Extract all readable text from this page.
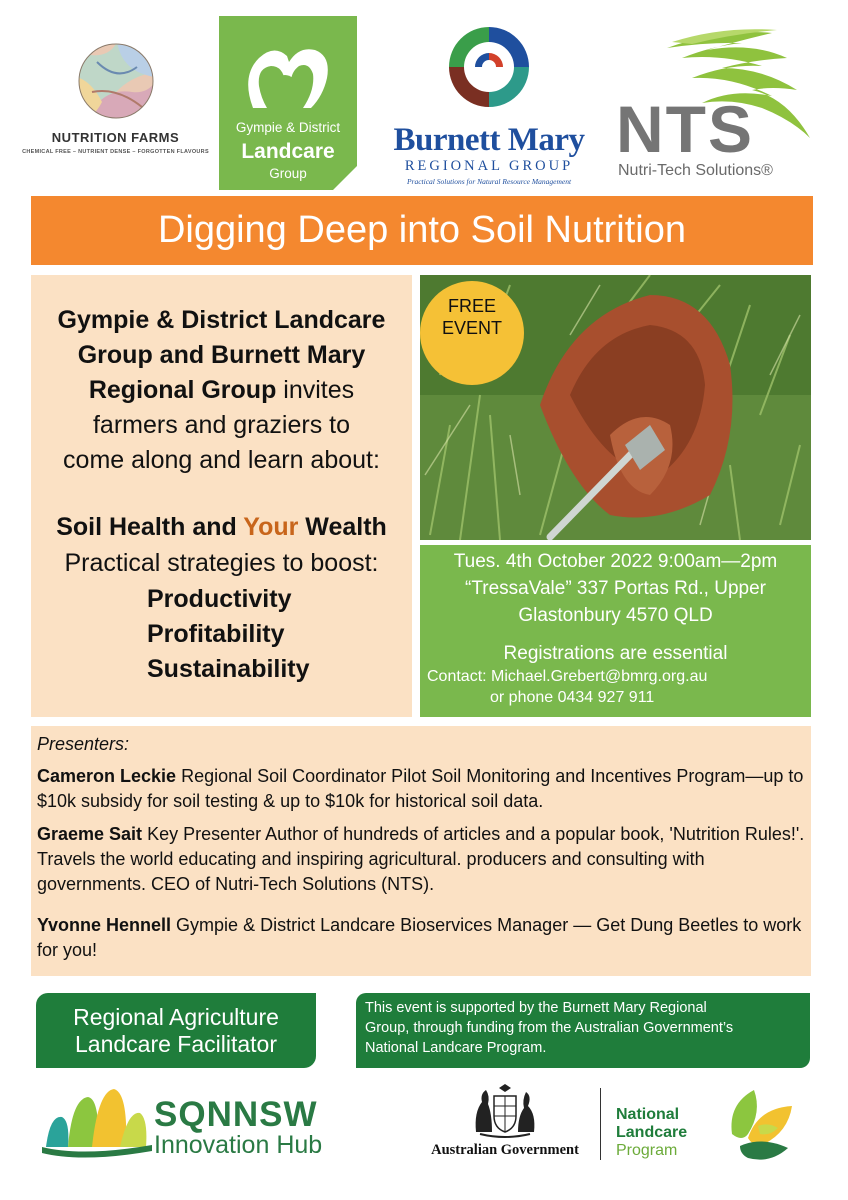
NUTRITION FARMS
CHEMICAL FREE – NUTRIENT DENSE – FORGOTTEN FLAVOURS
Gympie & District
Landcare
Group
Burnett Mary
REGIONAL GROUP
Practical Solutions for Natural Resource Management
NTS
Nutri-Tech Solutions®
Digging Deep into Soil Nutrition
Gympie & District Landcare
Group and Burnett Mary
Regional Group invites
farmers and graziers to
come along and learn about:
Soil Health and Your Wealth
Practical strategies to boost:
Productivity
Profitability
Sustainability
FREE
EVENT
Tues. 4th October 2022 9:00am—2pm
“TressaVale” 337 Portas Rd., Upper
Glastonbury 4570 QLD
Registrations are essential
Contact: Michael.Grebert@bmrg.org.au
or phone 0434 927 911
Presenters:
Cameron Leckie Regional Soil Coordinator Pilot Soil Monitoring and Incentives Program—up to $10k subsidy for soil testing & up to $10k for historical soil data.
Graeme Sait Key Presenter Author of hundreds of articles and a popular book, 'Nutrition Rules!'. Travels the world educating and inspiring agricultural. producers and consulting with governments. CEO of Nutri-Tech Solutions (NTS).
Yvonne Hennell Gympie & District Landcare Bioservices Manager — Get Dung Beetles to work for you!
Regional Agriculture
Landcare Facilitator
This event is supported by the Burnett Mary Regional
Group, through funding from the Australian Government’s
National Landcare Program.
SQNNSW
Innovation Hub	Australian Government
National
Landcare
Program
